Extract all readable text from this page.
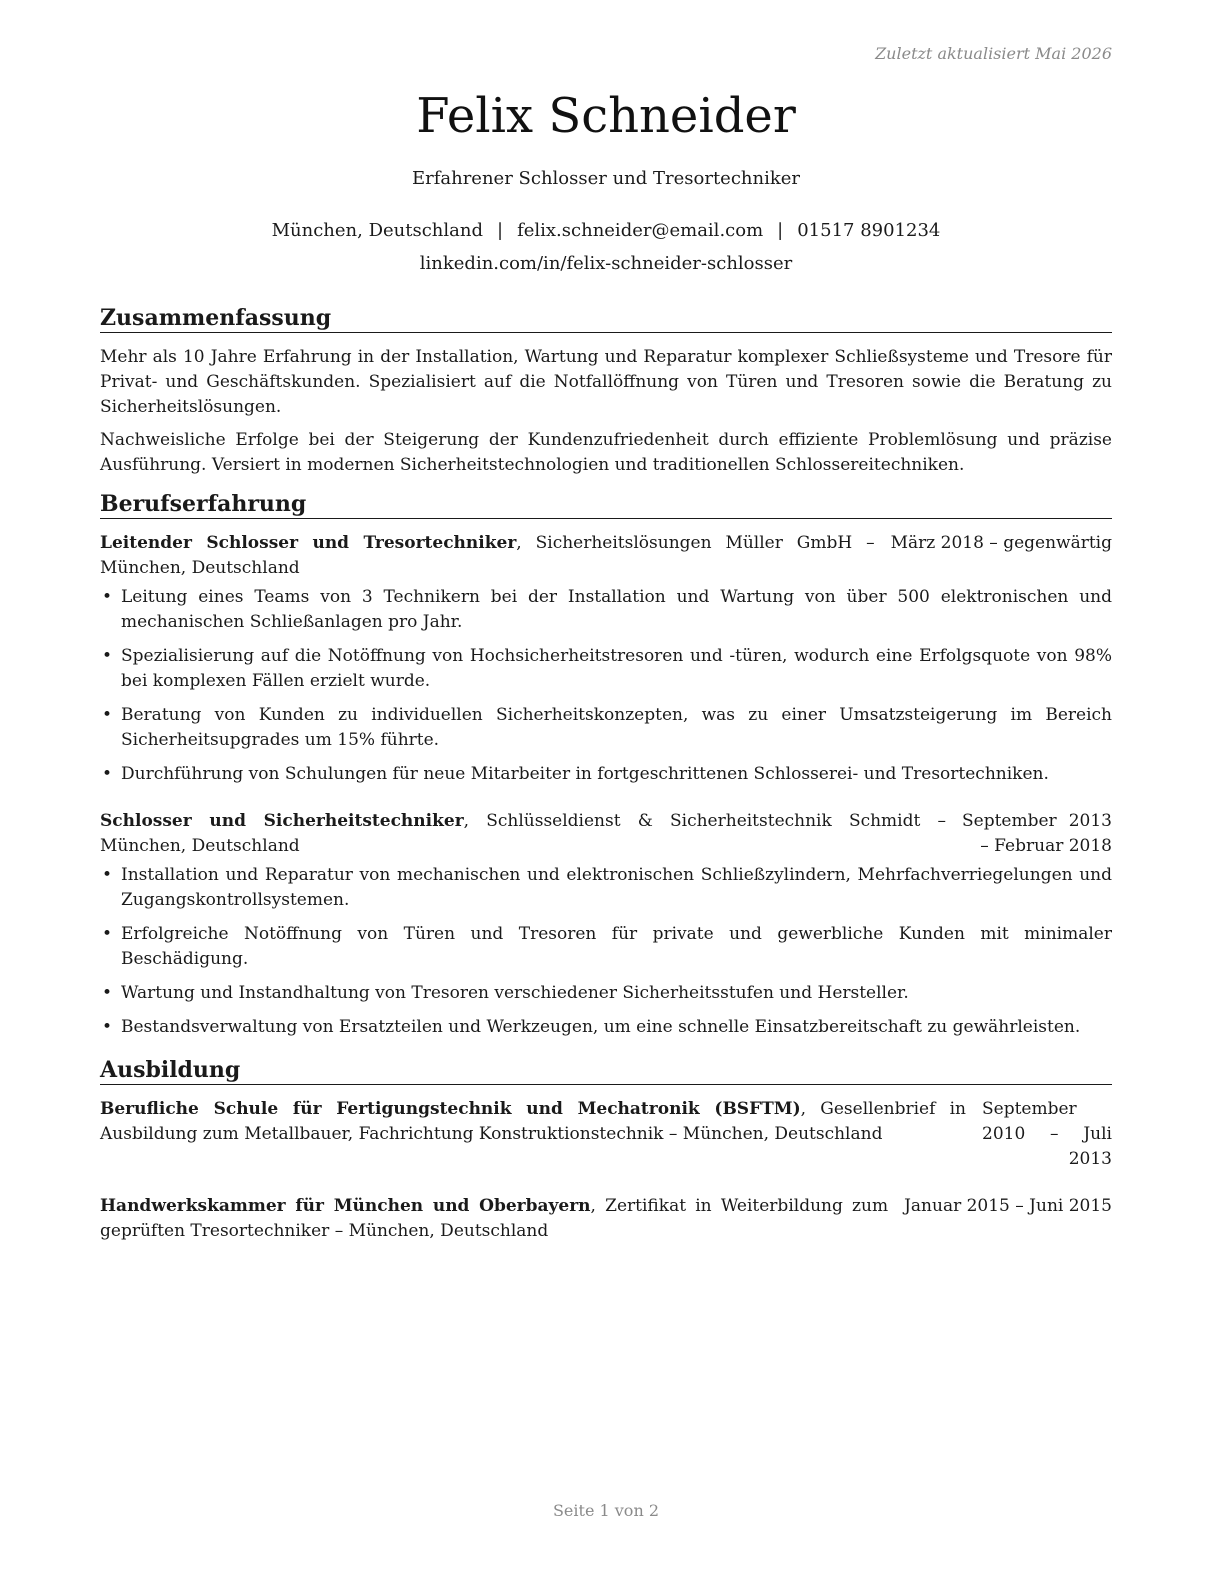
Zuletzt aktualisiert Mai 2026
Felix Schneider
Erfahrener Schlosser und Tresortechniker
München, Deutschland | felix.schneider@email.com | 01517 8901234
linkedin.com/in/felix-schneider-schlosser
Zusammenfassung

Mehr als 10 Jahre Erfahrung in der Installation, Wartung und Reparatur komplexer Schließsysteme und Tresore für Privat- und Geschäftskunden. Spezialisiert auf die Notfallöffnung von Türen und Tresoren sowie die Beratung zu Sicherheitslösungen.

Nachweisliche Erfolge bei der Steigerung der Kundenzufriedenheit durch effiziente Problemlösung und präzise Ausführung. Versiert in modernen Sicherheitstechnologien und traditionellen Schlossereitechniken.

Berufserfahrung
Leitender Schlosser und Tresortechniker, Sicherheitslösungen Müller GmbH – München, Deutschland
März 2018 – gegenwärtig
• Leitung eines Teams von 3 Technikern bei der Installation und Wartung von über 500 elektronischen und mechanischen Schließanlagen pro Jahr.
• Spezialisierung auf die Notöffnung von Hochsicherheitstresoren und -türen, wodurch eine Erfolgsquote von 98% bei komplexen Fällen erzielt wurde.
• Beratung von Kunden zu individuellen Sicherheitskonzepten, was zu einer Umsatzsteigerung im Bereich Sicherheitsupgrades um 15% führte.
• Durchführung von Schulungen für neue Mitarbeiter in fortgeschrittenen Schlosserei- und Tresortechniken.
Schlosser und Sicherheitstechniker, Schlüsseldienst & Sicherheitstechnik Schmidt – München, Deutschland
September 2013 – Februar 2018
• Installation und Reparatur von mechanischen und elektronischen Schließzylindern, Mehrfachverriegelungen und Zugangskontrollsystemen.
• Erfolgreiche Notöffnung von Türen und Tresoren für private und gewerbliche Kunden mit minimaler Beschädigung.
• Wartung und Instandhaltung von Tresoren verschiedener Sicherheitsstufen und Hersteller.
• Bestandsverwaltung von Ersatzteilen und Werkzeugen, um eine schnelle Einsatzbereitschaft zu gewährleisten.
Ausbildung
Berufliche Schule für Fertigungstechnik und Mechatronik (BSFTM), Gesellenbrief in Ausbildung zum Metallbauer, Fachrichtung Konstruktionstechnik – München, Deutschland
September 2010 – Juli 2013
Handwerkskammer für München und Oberbayern, Zertifikat in Weiterbildung zum geprüften Tresortechniker – München, Deutschland
Januar 2015 – Juni 2015
Seite 1 von 2
